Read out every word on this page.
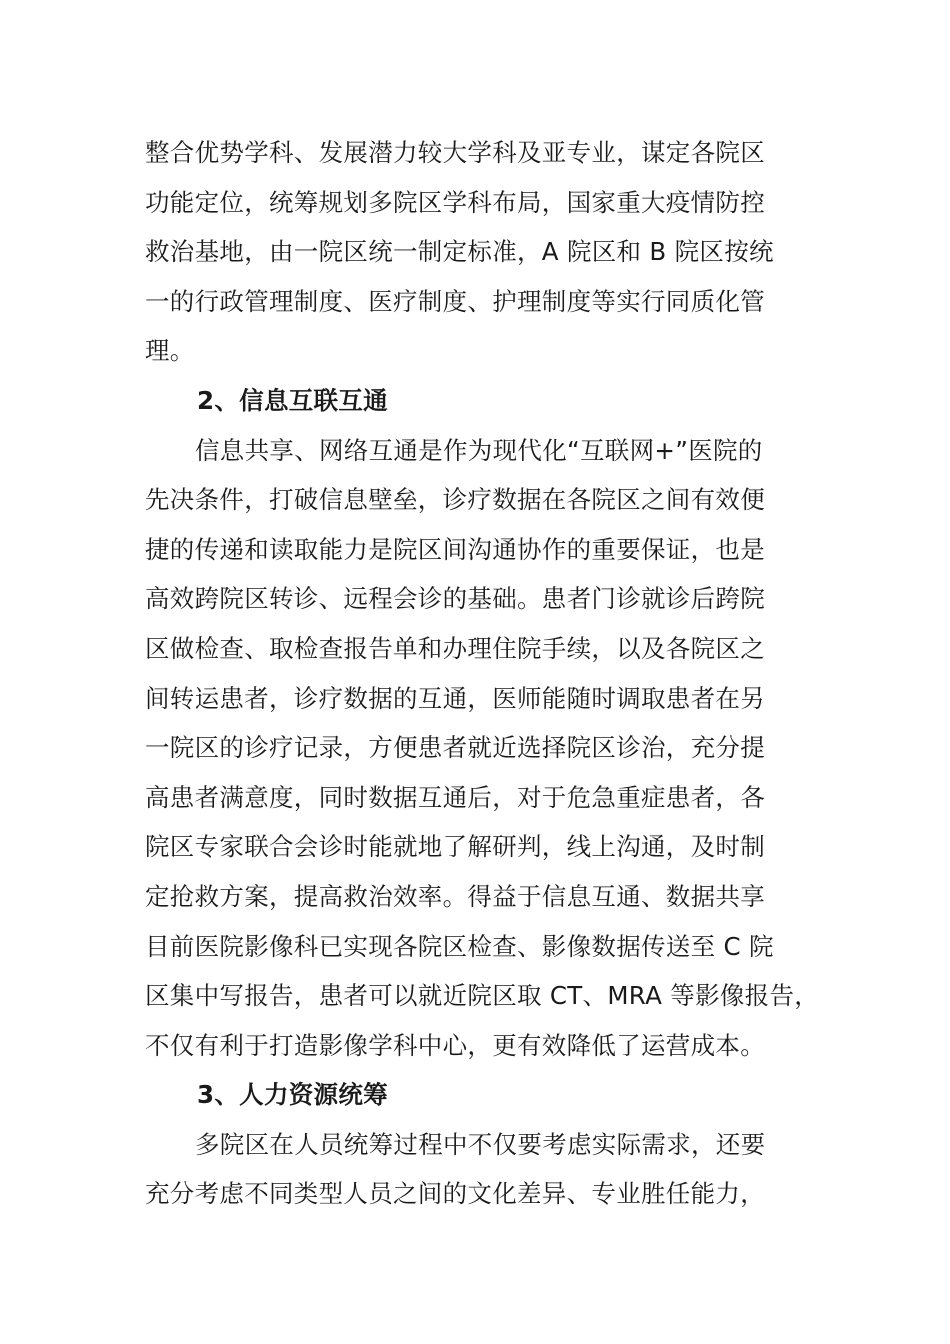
整合优势学科、发展潜力较大学科及亚专业，谋定各院区
功能定位，统筹规划多院区学科布局，国家重大疫情防控
救治基地，由一院区统一制定标准，A 院区和 B 院区按统
一的行政管理制度、医疗制度、护理制度等实行同质化管
理。
2、信息互联互通
信息共享、网络互通是作为现代化“互联网+”医院的
先决条件，打破信息壁垒，诊疗数据在各院区之间有效便
捷的传递和读取能力是院区间沟通协作的重要保证，也是
高效跨院区转诊、远程会诊的基础。患者门诊就诊后跨院
区做检查、取检查报告单和办理住院手续，以及各院区之
间转运患者，诊疗数据的互通，医师能随时调取患者在另
一院区的诊疗记录，方便患者就近选择院区诊治，充分提
高患者满意度，同时数据互通后，对于危急重症患者，各
院区专家联合会诊时能就地了解研判，线上沟通，及时制
定抢救方案，提高救治效率。得益于信息互通、数据共享
目前医院影像科已实现各院区检查、影像数据传送至 C 院
区集中写报告，患者可以就近院区取 CT、MRA 等影像报告，
不仅有利于打造影像学科中心，更有效降低了运营成本。
3、人力资源统筹
多院区在人员统筹过程中不仅要考虑实际需求，还要
充分考虑不同类型人员之间的文化差异、专业胜任能力，
